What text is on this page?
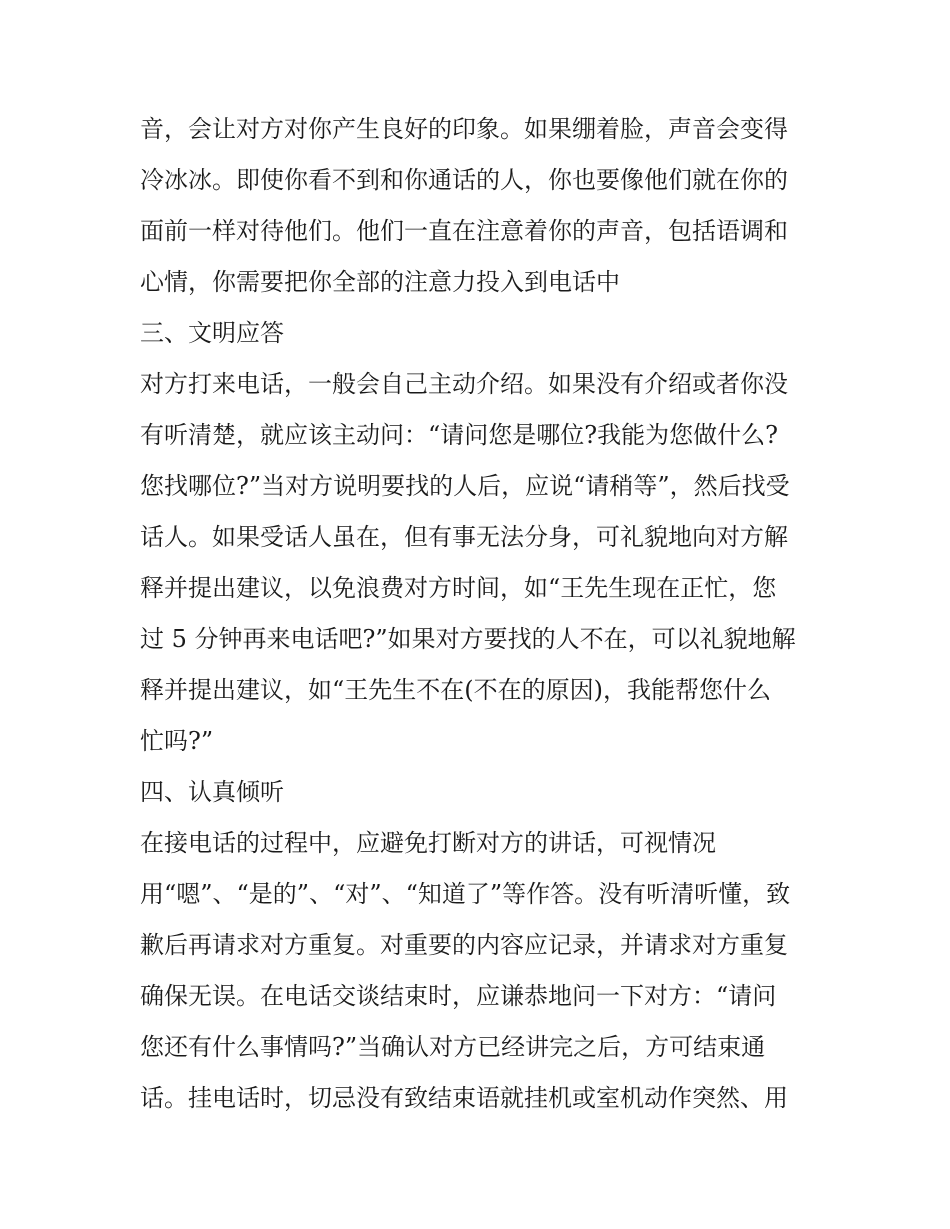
音，会让对方对你产生良好的印象。如果绷着脸，声音会变得
冷冰冰。即使你看不到和你通话的人，你也要像他们就在你的
面前一样对待他们。他们一直在注意着你的声音，包括语调和
心情，你需要把你全部的注意力投入到电话中
三、文明应答
对方打来电话，一般会自己主动介绍。如果没有介绍或者你没
有听清楚，就应该主动问：“请问您是哪位?我能为您做什么?
您找哪位?”当对方说明要找的人后，应说“请稍等”，然后找受
话人。如果受话人虽在，但有事无法分身，可礼貌地向对方解
释并提出建议，以免浪费对方时间，如“王先生现在正忙，您
过 5 分钟再来电话吧?”如果对方要找的人不在，可以礼貌地解
释并提出建议，如“王先生不在(不在的原因)，我能帮您什么
忙吗?”
四、认真倾听
在接电话的过程中，应避免打断对方的讲话，可视情况
用“嗯”、“是的”、“对”、“知道了”等作答。没有听清听懂，致
歉后再请求对方重复。对重要的内容应记录，并请求对方重复
确保无误。在电话交谈结束时，应谦恭地问一下对方：“请问
您还有什么事情吗?”当确认对方已经讲完之后，方可结束通
话。挂电话时，切忌没有致结束语就挂机或室机动作突然、用
